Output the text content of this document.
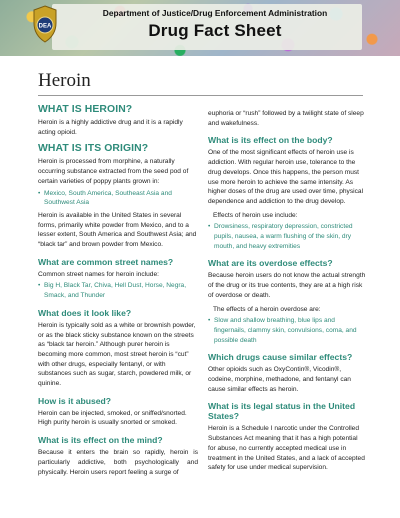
DEA
Department of Justice/Drug Enforcement Administration
Drug Fact Sheet
Heroin
WHAT IS HEROIN?

Heroin is a highly addictive drug and it is a rapidly acting opioid.

WHAT IS ITS ORIGIN?

Heroin is processed from morphine, a naturally occurring substance extracted from the seed pod of certain varieties of poppy plants grown in:

• Mexico, South America, Southeast Asia and Southwest Asia

Heroin is available in the United States in several forms, primarily white powder from Mexico, and to a lesser extent, South America and Southwest Asia; and “black tar” and brown powder from Mexico.

What are common street names?

Common street names for heroin include:

• Big H, Black Tar, Chiva, Hell Dust, Horse, Negra, Smack, and Thunder
What does it look like?

Heroin is typically sold as a white or brownish powder, or as the black sticky substance known on the streets as “black tar heroin.” Although purer heroin is becoming more common, most street heroin is “cut” with other drugs, especially fentanyl, or with substances such as sugar, starch, powdered milk, or quinine.

How is it abused?

Heroin can be injected, smoked, or sniffed/snorted. High purity heroin is usually snorted or smoked.

What is its effect on the mind?

Because it enters the brain so rapidly, heroin is particularly addictive, both psychologically and physically. Heroin users report feeling a surge of

euphoria or “rush” followed by a twilight state of sleep and wakefulness.

What is its effect on the body?

One of the most significant effects of heroin use is addiction. With regular heroin use, tolerance to the drug develops. Once this happens, the person must use more heroin to achieve the same intensity. As higher doses of the drug are used over time, physical dependence and addiction to the drug develop.

Effects of heroin use include:

• Drowsiness, respiratory depression, constricted pupils, nausea, a warm flushing of the skin, dry mouth, and heavy extremities
What are its overdose effects?

Because heroin users do not know the actual strength of the drug or its true contents, they are at a high risk of overdose or death.

The effects of a heroin overdose are:

• Slow and shallow breathing, blue lips and fingernails, clammy skin, convulsions, coma, and possible death
Which drugs cause similar effects?

Other opioids such as OxyContin®, Vicodin®, codeine, morphine, methadone, and fentanyl can cause similar effects as heroin.

What is its legal status in the United States?

Heroin is a Schedule I narcotic under the Controlled Substances Act meaning that it has a high potential for abuse, no currently accepted medical use in treatment in the United States, and a lack of accepted safety for use under medical supervision.
